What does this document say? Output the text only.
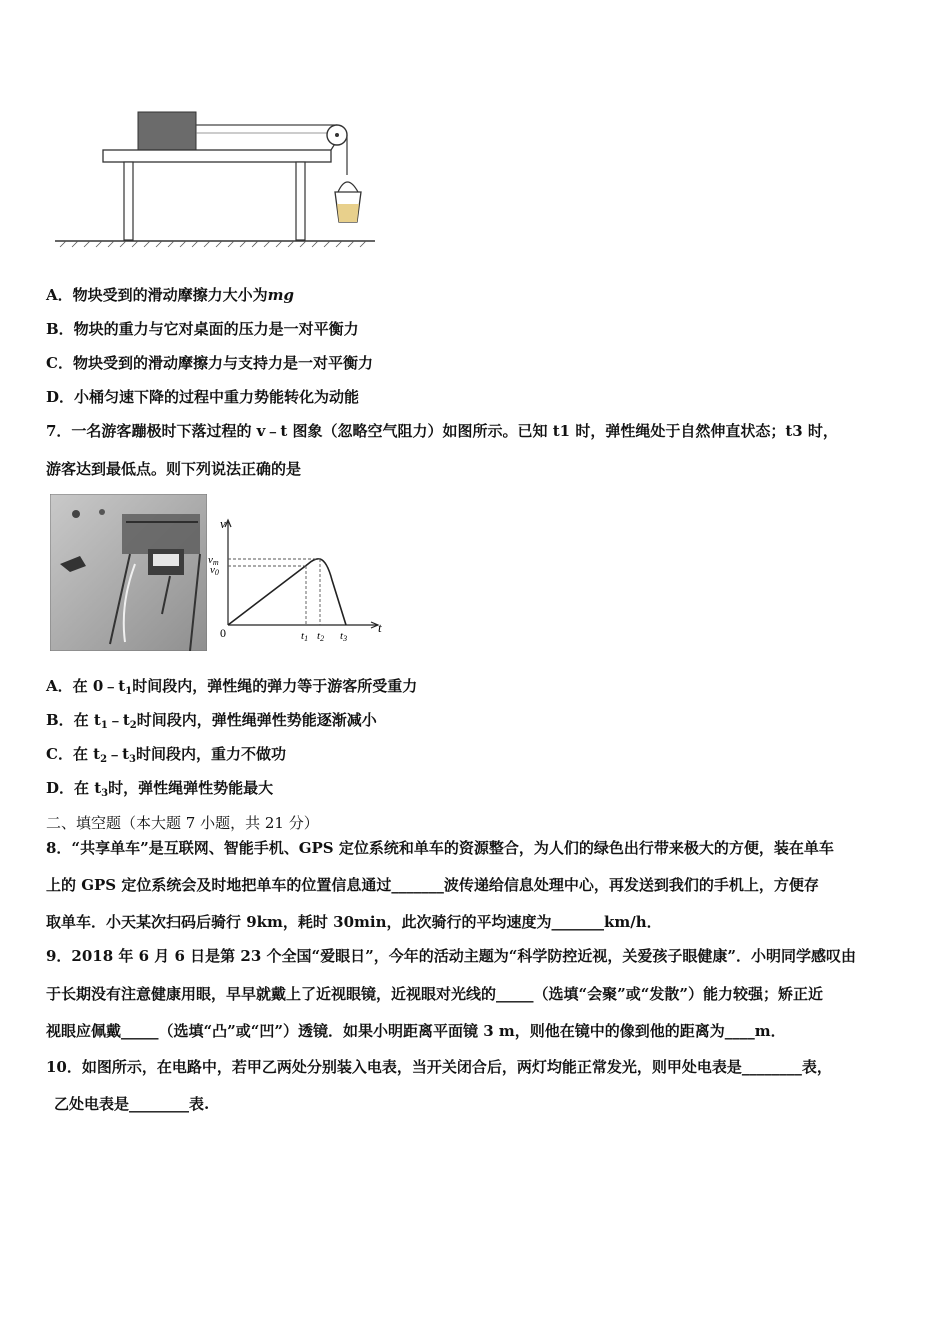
A．物块受到的滑动摩擦力大小为mg
B．物块的重力与它对桌面的压力是一对平衡力
C．物块受到的滑动摩擦力与支持力是一对平衡力
D．小桶匀速下降的过程中重力势能转化为动能
7．一名游客蹦极时下落过程的 v﹣t 图象（忽略空气阻力）如图所示。已知 t1 时，弹性绳处于自然伸直状态；t3 时，
游客达到最低点。则下列说法正确的是
v
t
vm
v0
0	t1 t2 t3
A．在 $0﹣t_1$时间段内，弹性绳的弹力等于游客所受重力
B．在 $t_1﹣t_2$时间段内，弹性绳弹性势能逐渐减小
C．在 $t_2﹣t_3$时间段内，重力不做功
D．在 $t_3$时，弹性绳弹性势能最大
二、填空题（本大题 7 小题，共 21 分）
8．“共享单车”是互联网、智能手机、GPS 定位系统和单车的资源整合，为人们的绿色出行带来极大的方便，装在单车
上的 GPS 定位系统会及时地把单车的位置信息通过_______波传递给信息处理中心，再发送到我们的手机上，方便存
取单车．小天某次扫码后骑行 9km，耗时 30min，此次骑行的平均速度为_______km/h．
9．2018 年 6 月 6 日是第 23 个全国“爱眼日”，今年的活动主题为“科学防控近视，关爱孩子眼健康”．小明同学感叹由
于长期没有注意健康用眼，早早就戴上了近视眼镜，近视眼对光线的_____（选填“会聚”或“发散”）能力较强；矫正近
视眼应佩戴_____（选填“凸”或“凹”）透镜．如果小明距离平面镜 3 m，则他在镜中的像到他的距离为____m．
10．如图所示，在电路中，若甲乙两处分别装入电表，当开关闭合后，两灯均能正常发光，则甲处电表是________表，
乙处电表是________表.
